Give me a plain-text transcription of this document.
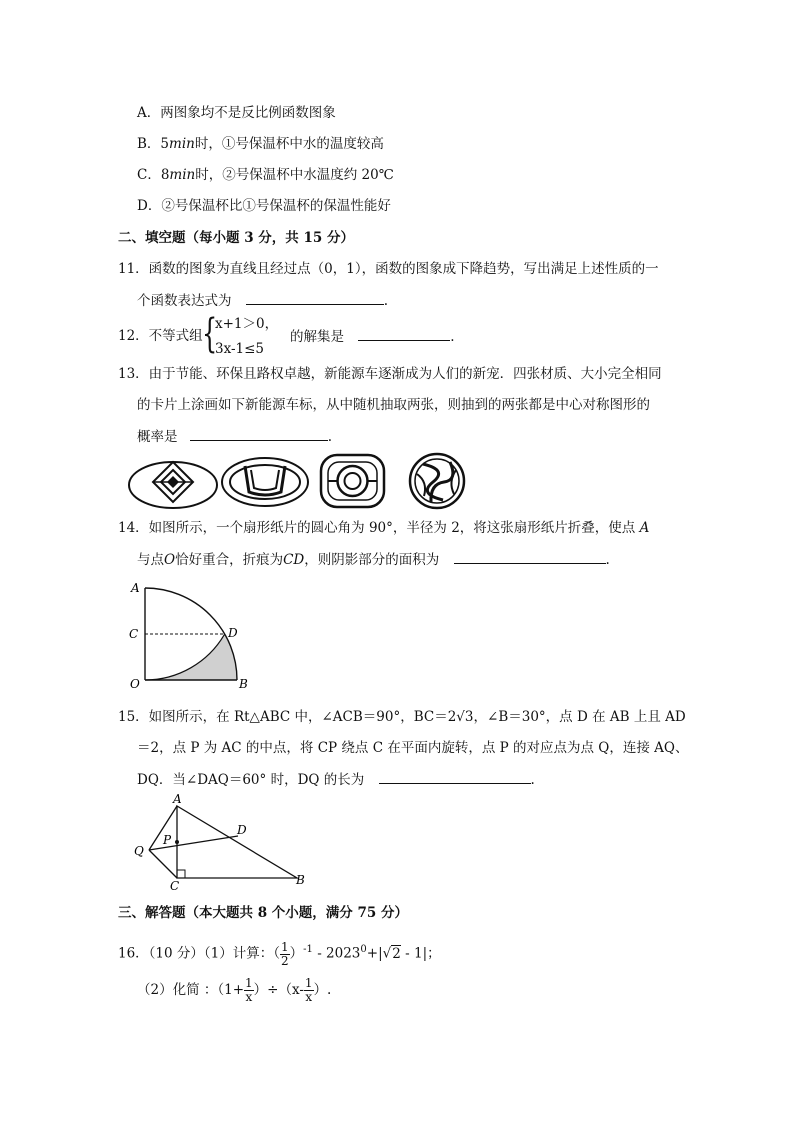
A．两图象均不是反比例函数图象
B．5min时，①号保温杯中水的温度较高
C．8min时，②号保温杯中水温度约 20℃
D．②号保温杯比①号保温杯的保温性能好
二、填空题（每小题 3 分，共 15 分）
11．函数的图象为直线且经过点（0，1），函数的图象成下降趋势，写出满足上述性质的一
个函数表达式为	.
12．不等式组 {
x+1＞0，
3x-1≤5
的解集是	.
13．由于节能、环保且路权卓越，新能源车逐渐成为人们的新宠．四张材质、大小完全相同
的卡片上涂画如下新能源车标，从中随机抽取两张，则抽到的两张都是中心对称图形的
概率是	.
14．如图所示，一个扇形纸片的圆心角为 90°，半径为 2，将这张扇形纸片折叠，使点 A
与点O恰好重合，折痕为CD，则阴影部分的面积为	.
A
C	D
O	B
15．如图所示，在 Rt△ABC 中，∠ACB＝90°，BC＝2√3，∠B＝30°，点 D 在 AB 上且 AD
＝2，点 P 为 AC 的中点，将 CP 绕点 C 在平面内旋转，点 P 的对应点为点 Q，连接 AQ、
DQ．当∠DAQ＝60° 时，DQ 的长为	.
A
P
D
Q
C	B
三、解答题（本大题共 8 个小题，满分 75 分）
16．（10 分）（1）计算：（ $\frac{1}{2} )^{-1} - 2023^0+|√2 - 1|$；
（2）化简 ：$(1+ \frac{1}{x} )\div(x- \frac{1}{x}$ ）.
